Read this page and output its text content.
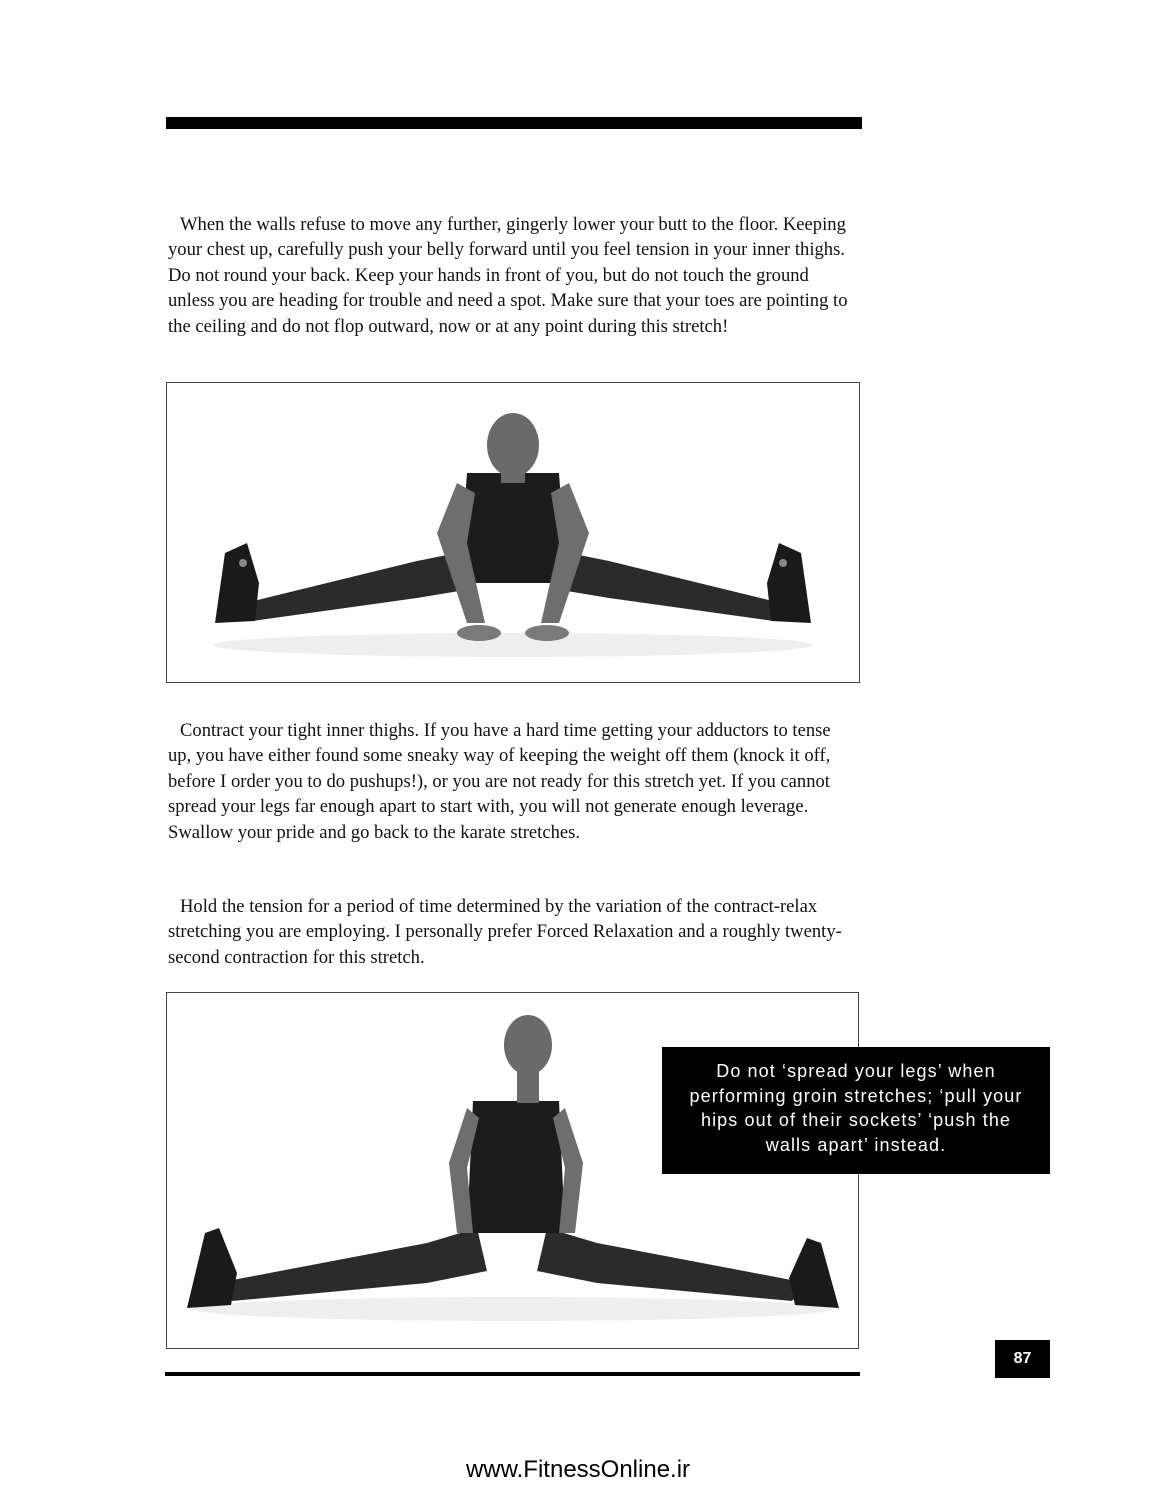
When the walls refuse to move any further, gingerly lower your butt to the floor. Keeping your chest up, carefully push your belly forward until you feel tension in your inner thighs. Do not round your back. Keep your hands in front of you, but do not touch the ground unless you are heading for trouble and need a spot. Make sure that your toes are pointing to the ceiling and do not flop outward, now or at any point during this stretch!

Contract your tight inner thighs. If you have a hard time getting your adductors to tense up, you have either found some sneaky way of keeping the weight off them (knock it off, before I order you to do pushups!), or you are not ready for this stretch yet. If you cannot spread your legs far enough apart to start with, you will not generate enough leverage. Swallow your pride and go back to the karate stretches.

Hold the tension for a period of time determined by the variation of the contract-relax stretching you are employing. I personally prefer Forced Relaxation and a roughly twenty-second contraction for this stretch.

Do not ‘spread your legs’ when performing groin stretches; ‘pull your hips out of their sockets’ ‘push the walls apart’ instead.
87
www.FitnessOnline.ir
